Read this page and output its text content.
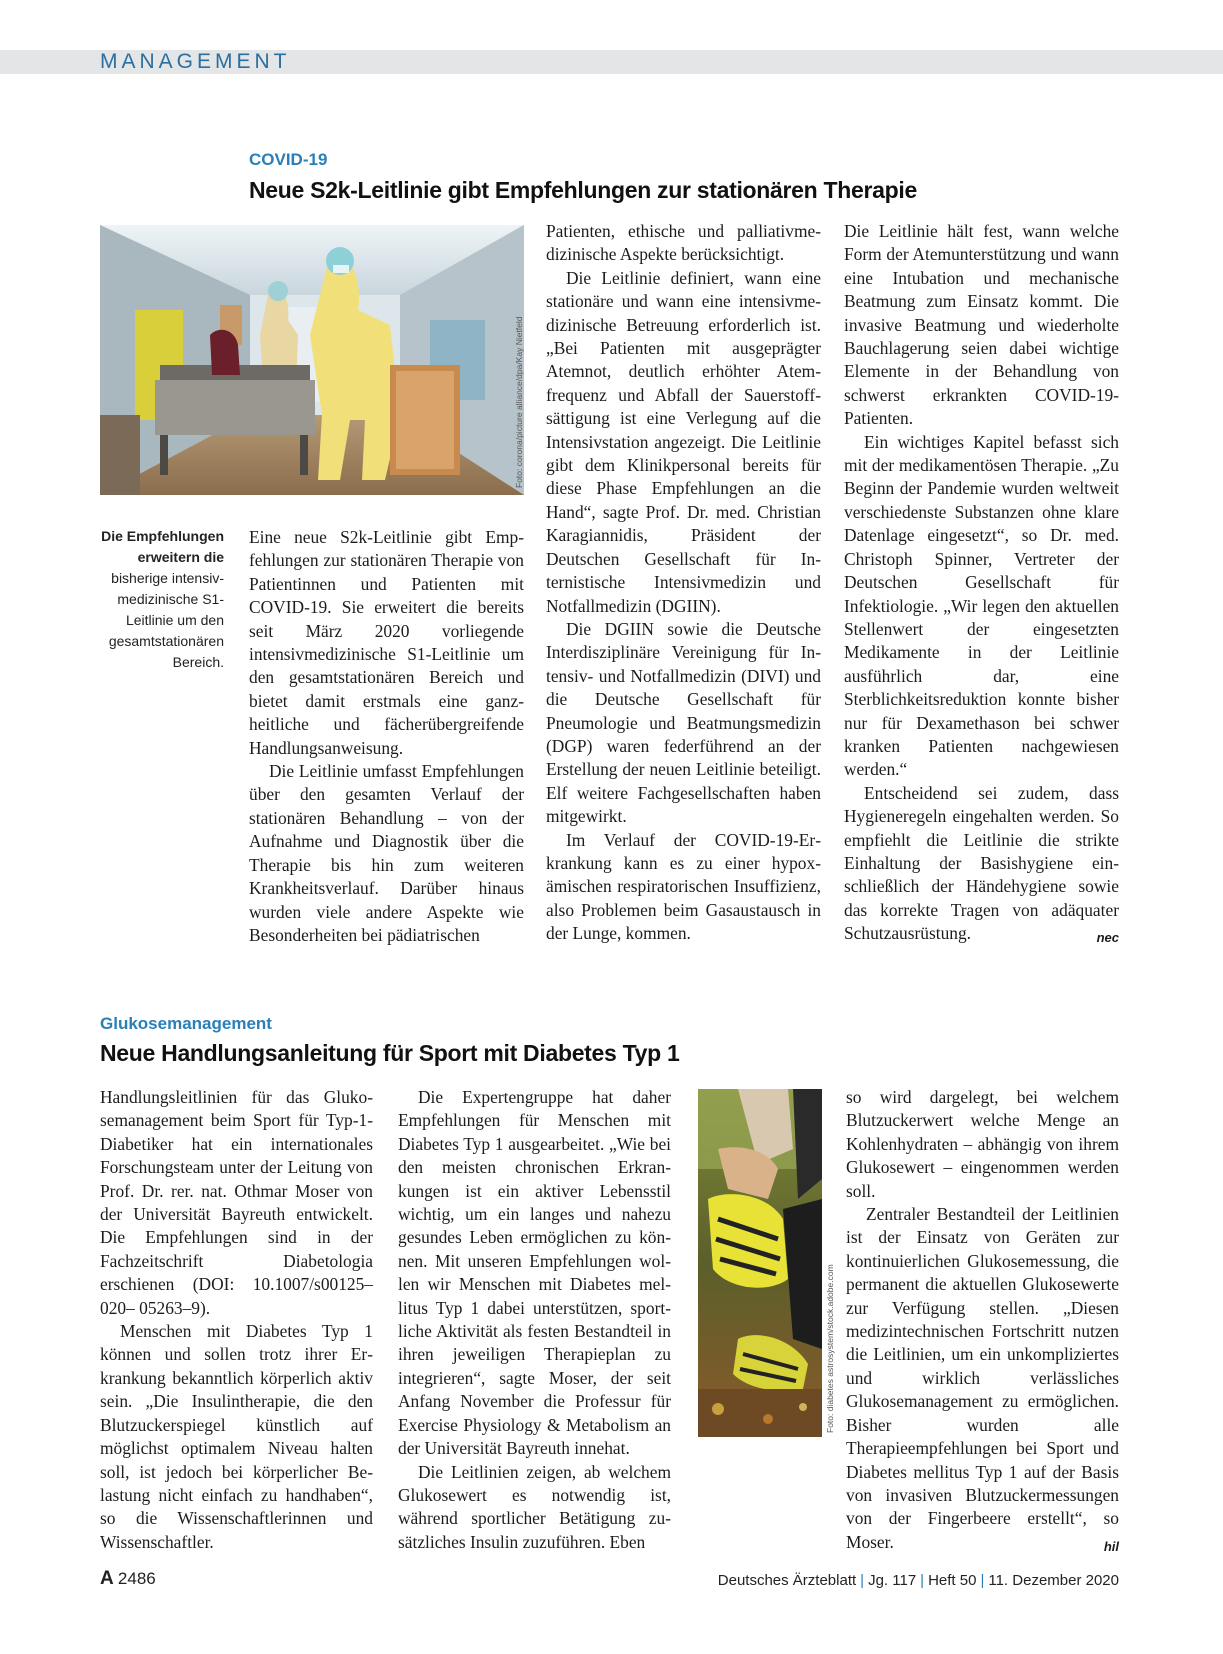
MANAGEMENT
COVID-19
Neue S2k-Leitlinie gibt Empfehlungen zur stationären Therapie
Foto: corona/picture alliance/dpa/Kay Nietfeld
Die Empfehlungen erweitern die
bisherige intensiv-medizinische S1-Leitlinie um den gesamtstationären Bereich.

Eine neue S2k-Leitlinie gibt Empfehlungen zur stationären Therapie von Patientinnen und Patienten mit COVID-19. Sie erweitert die bereits seit März 2020 vorliegende intensivmedizinische S1-Leitlinie um den gesamtstationären Bereich und bietet damit erstmals eine ganzheitliche und fächerübergreifende Handlungsanweisung.

Die Leitlinie umfasst Empfehlungen über den gesamten Verlauf der stationären Behandlung – von der Aufnahme und Diagnostik über die Therapie bis hin zum weiteren Krankheitsverlauf. Darüber hinaus wurden viele andere Aspekte wie Besonderheiten bei pädiatrischen

Patienten, ethische und palliativmedizinische Aspekte berücksichtigt.

Die Leitlinie definiert, wann eine stationäre und wann eine intensivmedizinische Betreuung erforderlich ist. „Bei Patienten mit ausgeprägter Atemnot, deutlich erhöhter Atemfrequenz und Abfall der Sauerstoffsättigung ist eine Verlegung auf die Intensivstation angezeigt. Die Leitlinie gibt dem Klinikpersonal bereits für diese Phase Empfehlungen an die Hand“, sagte Prof. Dr. med. Christian Karagiannidis, Präsident der Deutschen Gesellschaft für Internistische Intensivmedizin und Notfallmedizin (DGIIN).

Die DGIIN sowie die Deutsche Interdisziplinäre Vereinigung für Intensiv- und Notfallmedizin (DIVI) und die Deutsche Gesellschaft für Pneumologie und Beatmungsmedizin (DGP) waren federführend an der Erstellung der neuen Leitlinie beteiligt. Elf weitere Fachgesellschaften haben mitgewirkt.

Im Verlauf der COVID-19-Erkrankung kann es zu einer hypoxämischen respiratorischen Insuffizienz, also Problemen beim Gasaustausch in der Lunge, kommen.

Die Leitlinie hält fest, wann welche Form der Atemunterstützung und wann eine Intubation und mechanische Beatmung zum Einsatz kommt. Die invasive Beatmung und wiederholte Bauchlagerung seien dabei wichtige Elemente in der Behandlung von schwerst erkrankten COVID-19-Patienten.

Ein wichtiges Kapitel befasst sich mit der medikamentösen Therapie. „Zu Beginn der Pandemie wurden weltweit verschiedenste Substanzen ohne klare Datenlage eingesetzt“, so Dr. med. Christoph Spinner, Vertreter der Deutschen Gesellschaft für Infektiologie. „Wir legen den aktuellen Stellenwert der eingesetzten Medikamente in der Leitlinie ausführlich dar, eine Sterblichkeitsreduktion konnte bisher nur für Dexamethason bei schwer kranken Patienten nachgewiesen werden.“

Entscheidend sei zudem, dass Hygieneregeln eingehalten werden. So empfiehlt die Leitlinie die strikte Einhaltung der Basishygiene einschließlich der Händehygiene sowie das korrekte Tragen von adäquater Schutzausrüstung.	nec

Glukosemanagement
Neue Handlungsanleitung für Sport mit Diabetes Typ 1

Handlungsleitlinien für das Glukosemanagement beim Sport für Typ-1-Diabetiker hat ein internationales Forschungsteam unter der Leitung von Prof. Dr. rer. nat. Othmar Moser von der Universität Bayreuth entwickelt. Die Empfehlungen sind in der Fachzeitschrift Diabetologia erschienen (DOI: 10.1007/s00125–020– 05263–9).

Menschen mit Diabetes Typ 1 können und sollen trotz ihrer Erkrankung bekanntlich körperlich aktiv sein. „Die Insulintherapie, die den Blutzuckerspiegel künstlich auf möglichst optimalem Niveau halten soll, ist jedoch bei körperlicher Belastung nicht einfach zu handhaben“, so die Wissenschaftlerinnen und Wissenschaftler.

Die Expertengruppe hat daher Empfehlungen für Menschen mit Diabetes Typ 1 ausgearbeitet. „Wie bei den meisten chronischen Erkrankungen ist ein aktiver Lebensstil wichtig, um ein langes und nahezu gesundes Leben ermöglichen zu können. Mit unseren Empfehlungen wollen wir Menschen mit Diabetes mellitus Typ 1 dabei unterstützen, sportliche Aktivität als festen Bestandteil in ihren jeweiligen Therapieplan zu integrieren“, sagte Moser, der seit Anfang November die Professur für Exercise Physiology & Metabolism an der Universität Bayreuth innehat.

Die Leitlinien zeigen, ab welchem Glukosewert es notwendig ist, während sportlicher Betätigung zusätzliches Insulin zuzuführen. Eben

Foto: diabetes astrosystem/stock.adobe.com

so wird dargelegt, bei welchem Blutzuckerwert welche Menge an Kohlenhydraten – abhängig von ihrem Glukosewert – eingenommen werden soll.

Zentraler Bestandteil der Leitlinien ist der Einsatz von Geräten zur kontinuierlichen Glukosemessung, die permanent die aktuellen Glukosewerte zur Verfügung stellen. „Diesen medizintechnischen Fortschritt nutzen die Leitlinien, um ein unkompliziertes und wirklich verlässliches Glukosemanagement zu ermöglichen. Bisher wurden alle Therapieempfehlungen bei Sport und Diabetes mellitus Typ 1 auf der Basis von invasiven Blutzuckermessungen von der Fingerbeere erstellt“, so Moser.	hil

A 2486	Deutsches Ärzteblatt | Jg. 117 | Heft 50 | 11. Dezember 2020
